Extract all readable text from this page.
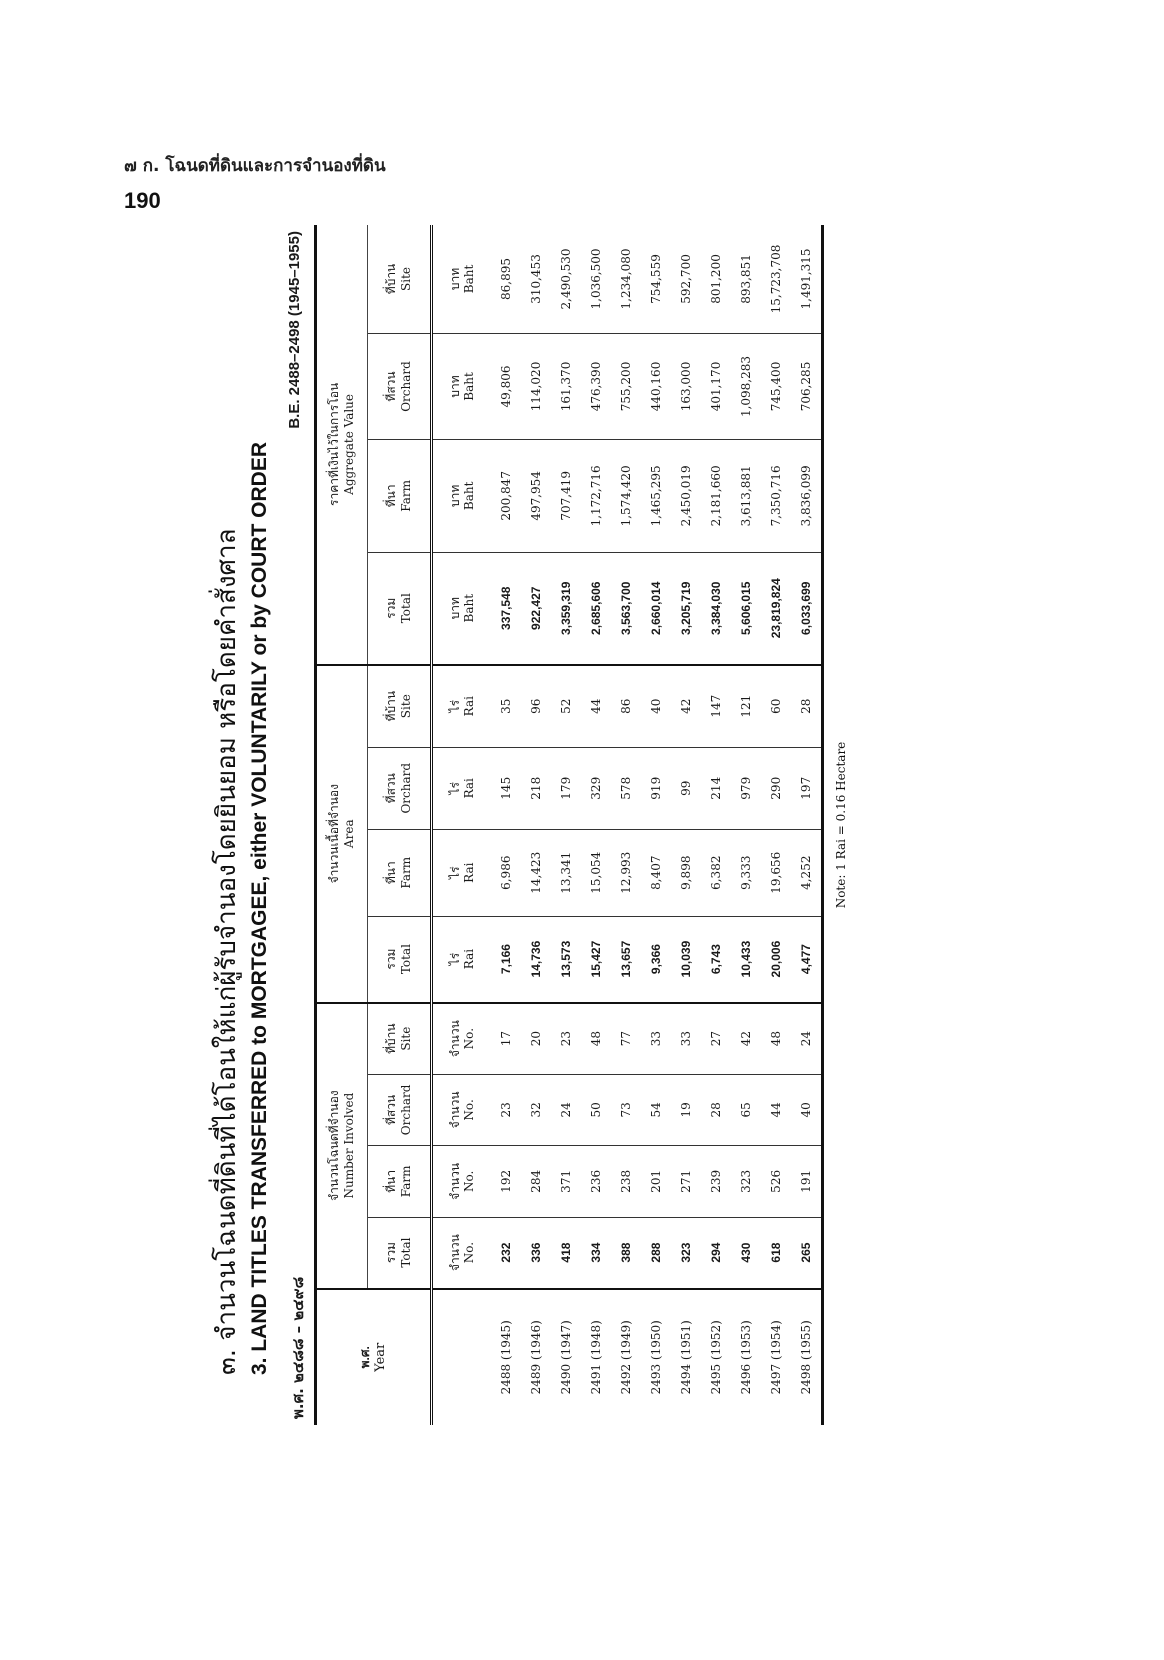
๗ ก. โฉนดที่ดินและการจำนองที่ดิน
190
๓. จำนวนโฉนดที่ดินที่ได้โอนให้แก่ผู้รับจำนองโดยยินยอม หรือโดยคำสั่งศาล 3. LAND TITLES TRANSFERRED to MORTGAGEE, either VOLUNTARILY or by COURT ORDER พ.ศ. ๒๔๘๘ – ๒๔๙๘
B.E. 2488–2498 (1945–1955)
พ.ศ. Year	จำนวนโฉนดที่จำนอง Number Involved				จำนวนเนื้อที่จำนอง Area				ราคาที่เงินไว้ในการโอน Aggregate Value			

	รวม Total	ที่นา Farm	ที่สวน Orchard	ที่บ้าน Site	รวม Total	ที่นา Farm	ที่สวน Orchard	ที่บ้าน Site	รวม Total	ที่นา Farm	ที่สวน Orchard	ที่บ้าน Site

	จำนวน No.	จำนวน No.	จำนวน No.	จำนวน No.	ไร่ Rai	ไร่ Rai	ไร่ Rai	ไร่ Rai	บาท Baht	บาท Baht	บาท Baht	บาท Baht

2488 (1945)	232	192	23	17	7,166	6,986	145	35	337,548	200,847	49,806	86,895
2489 (1946)	336	284	32	20	14,736	14,423	218	96	922,427	497,954	114,020	310,453
2490 (1947)	418	371	24	23	13,573	13,341	179	52	3,359,319	707,419	161,370	2,490,530
2491 (1948)	334	236	50	48	15,427	15,054	329	44	2,685,606	1,172,716	476,390	1,036,500
2492 (1949)	388	238	73	77	13,657	12,993	578	86	3,563,700	1,574,420	755,200	1,234,080
2493 (1950)	288	201	54	33	9,366	8,407	919	40	2,660,014	1,465,295	440,160	754,559
2494 (1951)	323	271	19	33	10,039	9,898	99	42	3,205,719	2,450,019	163,000	592,700
2495 (1952)	294	239	28	27	6,743	6,382	214	147	3,384,030	2,181,660	401,170	801,200
2496 (1953)	430	323	65	42	10,433	9,333	979	121	5,606,015	3,613,881	1,098,283	893,851
2497 (1954)	618	526	44	48	20,006	19,656	290	60	23,819,824	7,350,716	745,400	15,723,708
2498 (1955)	265	191	40	24	4,477	4,252	197	28	6,033,699	3,836,099	706,285	1,491,315
Note: 1 Rai = 0.16 Hectare
